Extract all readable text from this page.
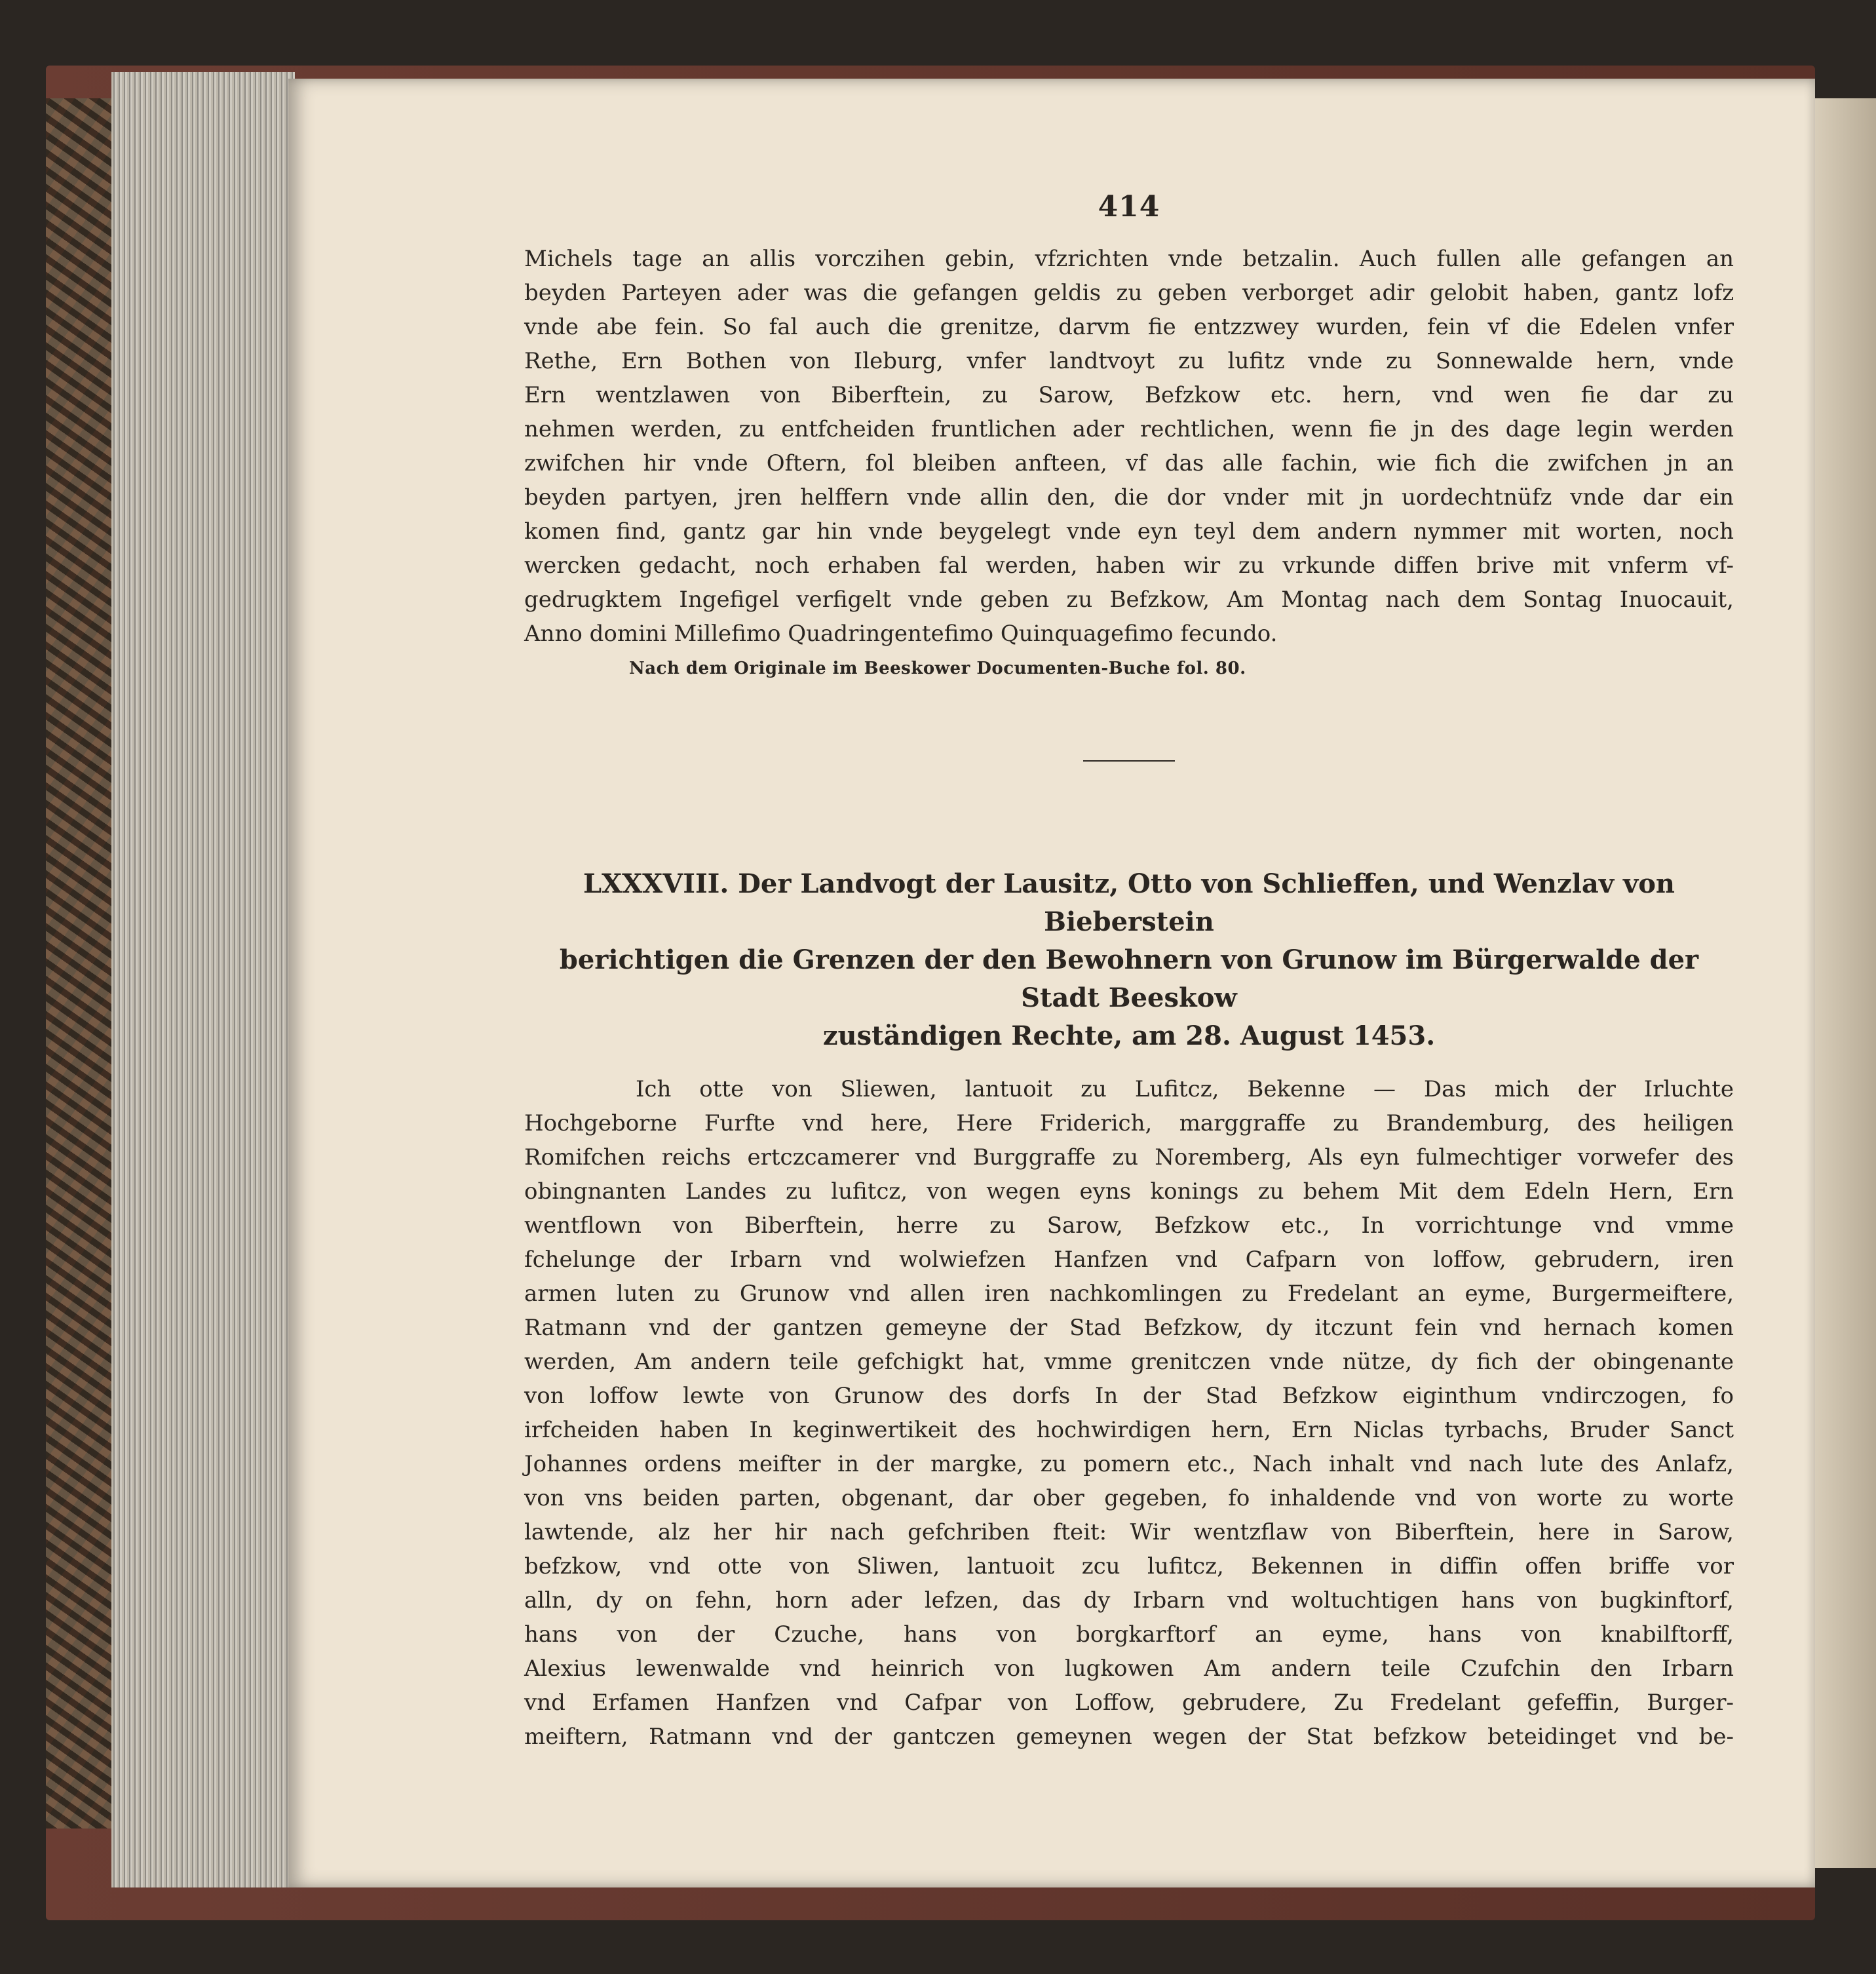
414
Michels tage an allis vorczihen gebin, vfzrichten vnde betzalin. Auch fullen alle gefangen an
beyden Parteyen ader was die gefangen geldis zu geben verborget adir gelobit haben, gantz lofz
vnde abe fein. So fal auch die grenitze, darvm fie entzzwey wurden, fein vf die Edelen vnfer
Rethe, Ern Bothen von Ileburg, vnfer landtvoyt zu lufitz vnde zu Sonnewalde hern, vnde
Ern wentzlawen von Biberftein, zu Sarow, Befzkow etc. hern, vnd wen fie dar zu
nehmen werden, zu entfcheiden fruntlichen ader rechtlichen, wenn fie jn des dage legin werden
zwifchen hir vnde Oftern, fol bleiben anfteen, vf das alle fachin, wie fich die zwifchen jn an
beyden partyen, jren helffern vnde allin den, die dor vnder mit jn uordechtnüfz vnde dar ein
komen find, gantz gar hin vnde beygelegt vnde eyn teyl dem andern nymmer mit worten, noch
wercken gedacht, noch erhaben fal werden, haben wir zu vrkunde diffen brive mit vnferm vf-
gedrugktem Ingefigel verfigelt vnde geben zu Befzkow, Am Montag nach dem Sontag Inuocauit,
Anno domini Millefimo Quadringentefimo Quinquagefimo fecundo.
Nach dem Originale im Beeskower Documenten-Buche fol. 80.
LXXXVIII. Der Landvogt der Lausitz, Otto von Schlieffen, und Wenzlav von Bieberstein
berichtigen die Grenzen der den Bewohnern von Grunow im Bürgerwalde der Stadt Beeskow
zuständigen Rechte, am 28. August 1453.
Ich otte von Sliewen, lantuoit zu Lufitcz, Bekenne — Das mich der Irluchte
Hochgeborne Furfte vnd here, Here Friderich, marggraffe zu Brandemburg, des heiligen
Romifchen reichs ertczcamerer vnd Burggraffe zu Noremberg, Als eyn fulmechtiger vorwefer des
obingnanten Landes zu lufitcz, von wegen eyns konings zu behem Mit dem Edeln Hern, Ern
wentflown von Biberftein, herre zu Sarow, Befzkow etc., In vorrichtunge vnd vmme
fchelunge der Irbarn vnd wolwiefzen Hanfzen vnd Cafparn von loffow, gebrudern, iren
armen luten zu Grunow vnd allen iren nachkomlingen zu Fredelant an eyme, Burgermeiftere,
Ratmann vnd der gantzen gemeyne der Stad Befzkow, dy itczunt fein vnd hernach komen
werden, Am andern teile gefchigkt hat, vmme grenitczen vnde nütze, dy fich der obingenante
von loffow lewte von Grunow des dorfs In der Stad Befzkow eiginthum vndirczogen, fo
irfcheiden haben In keginwertikeit des hochwirdigen hern, Ern Niclas tyrbachs, Bruder Sanct
Johannes ordens meifter in der margke, zu pomern etc., Nach inhalt vnd nach lute des Anlafz,
von vns beiden parten, obgenant, dar ober gegeben, fo inhaldende vnd von worte zu worte
lawtende, alz her hir nach gefchriben fteit: Wir wentzflaw von Biberftein, here in Sarow,
befzkow, vnd otte von Sliwen, lantuoit zcu lufitcz, Bekennen in diffin offen briffe vor
alln, dy on fehn, horn ader lefzen, das dy Irbarn vnd woltuchtigen hans von bugkinftorf,
hans von der Czuche, hans von borgkarftorf an eyme, hans von knabilftorff,
Alexius lewenwalde vnd heinrich von lugkowen Am andern teile Czufchin den Irbarn
vnd Erfamen Hanfzen vnd Cafpar von Loffow, gebrudere, Zu Fredelant gefeffin, Burger-
meiftern, Ratmann vnd der gantczen gemeynen wegen der Stat befzkow beteidinget vnd be-
